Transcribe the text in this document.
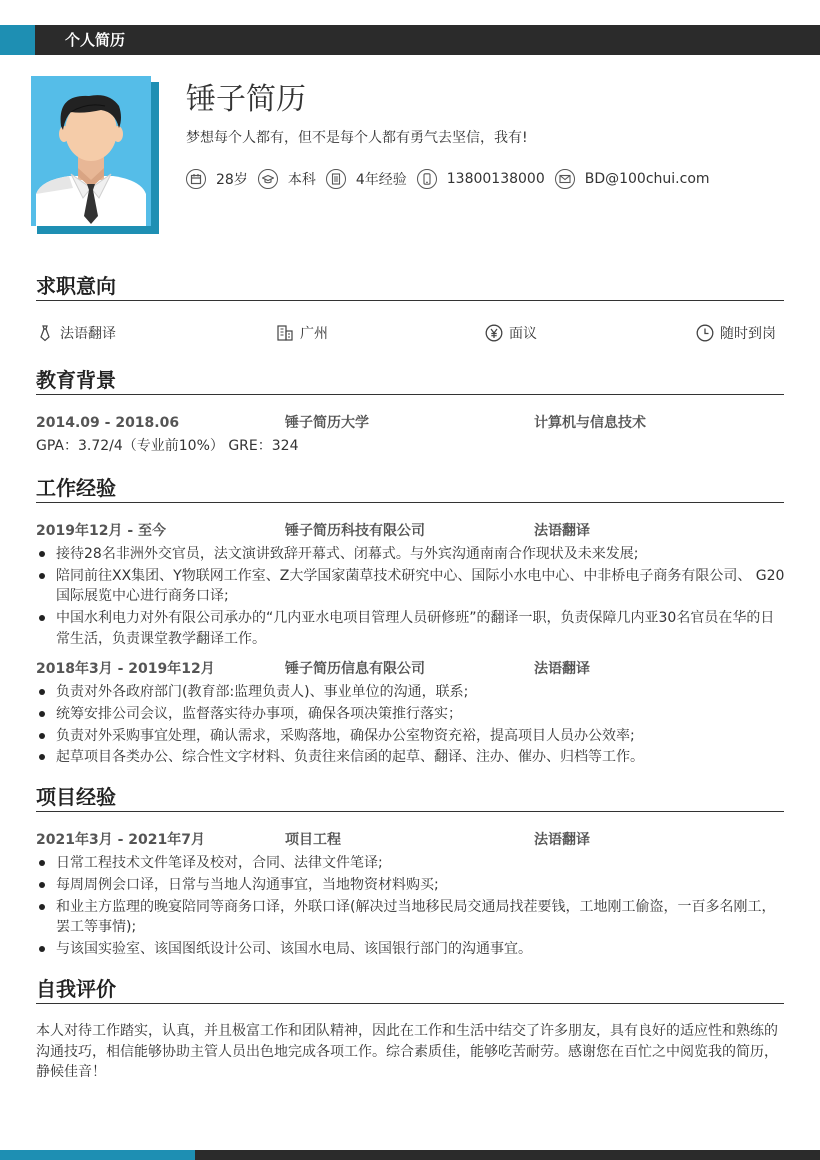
个人简历
锤子简历
梦想每个人都有，但不是每个人都有勇气去坚信，我有!
28岁	本科	4年经验	13800138000	BD@100chui.com
求职意向
法语翻译	广州	面议	随时到岗
教育背景
2014.09 - 2018.06	锤子简历大学	计算机与信息技术
GPA：3.72/4（专业前10%） GRE：324
工作经验
2019年12月 - 至今	锤子简历科技有限公司	法语翻译
接待28名非洲外交官员，法文演讲致辞开幕式、闭幕式。与外宾沟通南南合作现状及未来发展;
陪同前往XX集团、Y物联网工作室、Z大学国家菌草技术研究中心、国际小水电中心、中非桥电子商务有限公司、 G20国际展览中心进行商务口译;
中国水利电力对外有限公司承办的“几内亚水电项目管理人员研修班”的翻译一职，负责保障几内亚30名官员在华的日常生活，负责课堂教学翻译工作。
2018年3月 - 2019年12月	锤子简历信息有限公司	法语翻译
负责对外各政府部门(教育部:监理负责人)、事业单位的沟通，联系;
统筹安排公司会议，监督落实待办事项，确保各项决策推行落实；
负责对外采购事宜处理，确认需求，采购落地，确保办公室物资充裕，提高项目人员办公效率;
起草项目各类办公、综合性文字材料、负责往来信函的起草、翻译、注办、催办、归档等工作。
项目经验
2021年3月 - 2021年7月	项目工程	法语翻译
日常工程技术文件笔译及校对，合同、法律文件笔译;
每周周例会口译，日常与当地人沟通事宜，当地物资材料购买;
和业主方监理的晚宴陪同等商务口译，外联口译(解决过当地移民局交通局找茬要钱，工地刚工偷盗，一百多名刚工，罢工等事情);
与该国实验室、该国图纸设计公司、该国水电局、该国银行部门的沟通事宜。
自我评价
本人对待工作踏实，认真，并且极富工作和团队精神，因此在工作和生活中结交了许多朋友，具有良好的适应性和熟练的沟通技巧，相信能够协助主管人员出色地完成各项工作。综合素质佳，能够吃苦耐劳。感谢您在百忙之中阅览我的简历，静候佳音！
